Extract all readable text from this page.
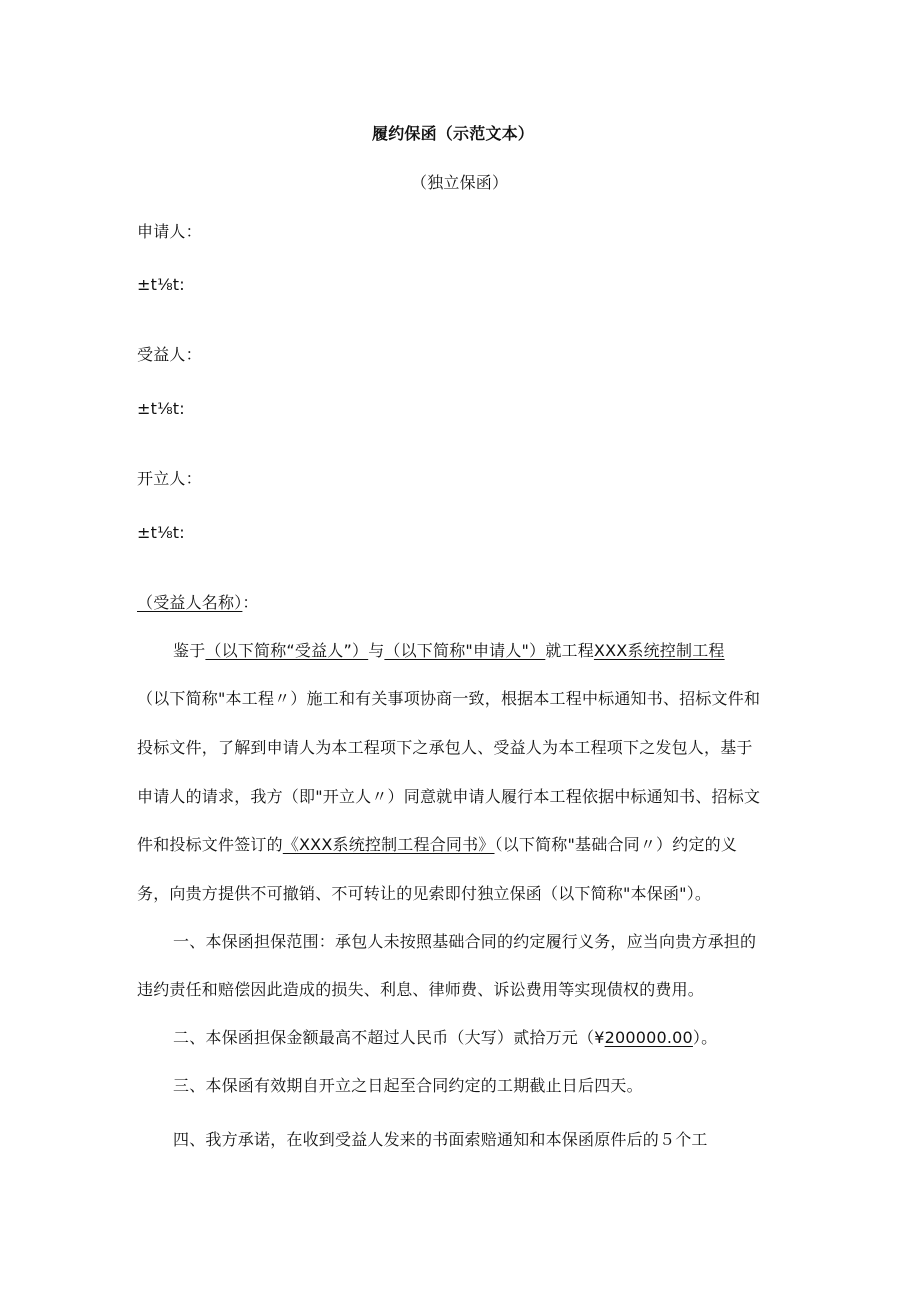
履约保函（示范文本）
（独立保函）
申请人：
±t⅛t:
受益人：
±t⅛t:
开立人：
±t⅛t:
（受益人名称）：
鉴于（以下简称“受益人”）与（以下简称"申请人"）就工程XXX系统控制工程
（以下简称"本工程〃）施工和有关事项协商一致，根据本工程中标通知书、招标文件和
投标文件，了解到申请人为本工程项下之承包人、受益人为本工程项下之发包人，基于
申请人的请求，我方（即"开立人〃）同意就申请人履行本工程依据中标通知书、招标文
件和投标文件签订的《XXX系统控制工程合同书》（以下简称"基础合同〃）约定的义
务，向贵方提供不可撤销、不可转让的见索即付独立保函（以下简称"本保函"）。
一、本保函担保范围：承包人未按照基础合同的约定履行义务，应当向贵方承担的
违约责任和赔偿因此造成的损失、利息、律师费、诉讼费用等实现债权的费用。
二、本保函担保金额最高不超过人民币（大写）贰拾万元（¥200000.00）。
三、本保函有效期自开立之日起至合同约定的工期截止日后四天。
四、我方承诺，在收到受益人发来的书面索赔通知和本保函原件后的５个工
